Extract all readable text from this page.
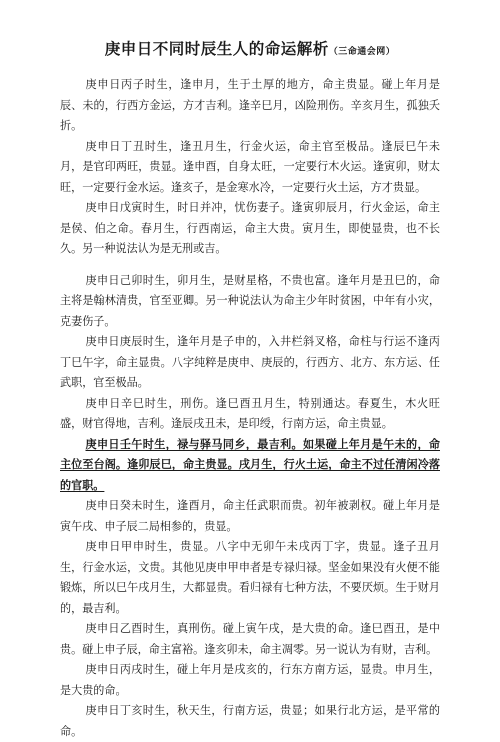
庚申日不同时辰生人的命运解析（三命通会网）

庚申日丙子时生，逢申月，生于土厚的地方，命主贵显。碰上年月是辰、未的，行西方金运，方才吉利。逢辛巳月，凶险刑伤。辛亥月生，孤独夭折。

庚申日丁丑时生，逢丑月生，行金火运，命主官至极品。逢辰巳午未月，是官印两旺，贵显。逢申酉，自身太旺，一定要行木火运。逢寅卯，财太旺，一定要行金水运。逢亥子，是金寒水冷，一定要行火土运，方才贵显。

庚申日戊寅时生，时日并冲，忧伤妻子。逢寅卯辰月，行火金运，命主是侯、伯之命。春月生，行西南运，命主大贵。寅月生，即使显贵，也不长久。另一种说法认为是无刑或吉。

庚申日己卯时生，卯月生，是财星格，不贵也富。逢年月是丑巳的，命主将是翰林清贵，官至亚卿。另一种说法认为命主少年时贫困，中年有小灾，克妻伤子。

庚申日庚辰时生，逢年月是子申的，入井栏斜叉格，命柱与行运不逢丙丁巳午字，命主显贵。八字纯粹是庚申、庚辰的，行西方、北方、东方运、任武职，官至极品。

庚申日辛巳时生，刑伤。逢巳酉丑月生，特别通达。春夏生，木火旺盛，财官得地，吉利。逢辰戌丑未，是印绶，行南方运，命主贵显。

庚申日壬午时生，禄与驿马同乡，最吉利。如果碰上年月是午未的，命主位至台阁。逢卯辰巳，命主贵显。戌月生，行火土运，命主不过任清闲冷落的官职。

庚申日癸未时生，逢酉月，命主任武职而贵。初年被剥权。碰上年月是寅午戌、申子辰二局相参的，贵显。

庚申日甲申时生，贵显。八字中无卯午未戌丙丁字，贵显。逢子丑月生，行金水运，文贵。其他见庚申甲申者是专禄归禄。坚金如果没有火便不能锻炼，所以巳午戌月生，大都显贵。看归禄有七种方法，不要厌烦。生于财月的，最吉利。

庚申日乙酉时生，真刑伤。碰上寅午戌，是大贵的命。逢巳酉丑，是中贵。碰上申子辰，命主富裕。逢亥卯未，命主凋零。另一说认为有财，吉利。

庚申日丙戌时生，碰上年月是戌亥的，行东方南方运，显贵。申月生，是大贵的命。

庚申日丁亥时生，秋天生，行南方运，贵显；如果行北方运，是平常的命。
